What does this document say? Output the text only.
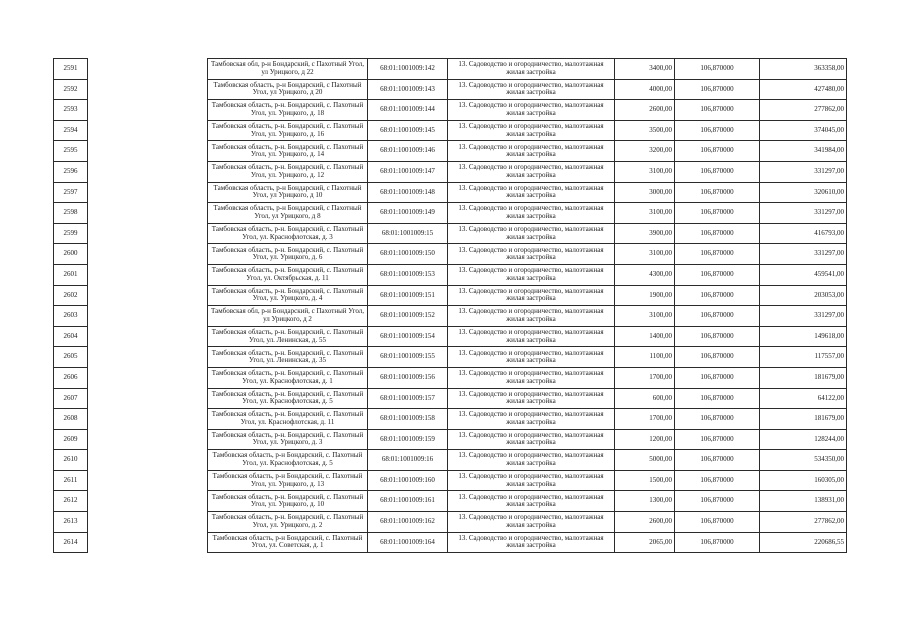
2591		Тамбовская обл, р-н Бондарский, с Пахотный Угол, ул Урицкого, д 22	68:01:1001009:142	13. Садоводство и огородничество, малоэтажная жилая застройка	3400,00	106,870000	363358,00
2592		Тамбовская область, р-н Бондарский, с Пахотный Угол, ул Урицкого, д 20	68:01:1001009:143	13. Садоводство и огородничество, малоэтажная жилая застройка	4000,00	106,870000	427480,00
2593		Тамбовская область, р-н. Бондарский, с. Пахотный Угол, ул. Урицкого, д. 18	68:01:1001009:144	13. Садоводство и огородничество, малоэтажная жилая застройка	2600,00	106,870000	277862,00
2594		Тамбовская область, р-н. Бондарский, с. Пахотный Угол, ул. Урицкого, д. 16	68:01:1001009:145	13. Садоводство и огородничество, малоэтажная жилая застройка	3500,00	106,870000	374045,00
2595		Тамбовская область, р-н. Бондарский, с. Пахотный Угол, ул. Урицкого, д. 14	68:01:1001009:146	13. Садоводство и огородничество, малоэтажная жилая застройка	3200,00	106,870000	341984,00
2596		Тамбовская область, р-н. Бондарский, с. Пахотный Угол, ул. Урицкого, д. 12	68:01:1001009:147	13. Садоводство и огородничество, малоэтажная жилая застройка	3100,00	106,870000	331297,00
2597		Тамбовская область, р-н Бондарский, с Пахотный Угол, ул Урицкого, д 10	68:01:1001009:148	13. Садоводство и огородничество, малоэтажная жилая застройка	3000,00	106,870000	320610,00
2598		Тамбовская область, р-н Бондарский, с Пахотный Угол, ул Урицкого, д 8	68:01:1001009:149	13. Садоводство и огородничество, малоэтажная жилая застройка	3100,00	106,870000	331297,00
2599		Тамбовская область, р-н. Бондарский, с. Пахотный Угол, ул. Краснофлотская, д. 3	68:01:1001009:15	13. Садоводство и огородничество, малоэтажная жилая застройка	3900,00	106,870000	416793,00
2600		Тамбовская область, р-н. Бондарский, с. Пахотный Угол, ул. Урицкого, д. 6	68:01:1001009:150	13. Садоводство и огородничество, малоэтажная жилая застройка	3100,00	106,870000	331297,00
2601		Тамбовская область, р-н. Бондарский, с. Пахотный Угол, ул. Октябрьская, д. 11	68:01:1001009:153	13. Садоводство и огородничество, малоэтажная жилая застройка	4300,00	106,870000	459541,00
2602		Тамбовская область, р-н. Бондарский, с. Пахотный Угол, ул. Урицкого, д. 4	68:01:1001009:151	13. Садоводство и огородничество, малоэтажная жилая застройка	1900,00	106,870000	203053,00
2603		Тамбовская обл, р-н Бондарский, с Пахотный Угол, ул Урицкого, д 2	68:01:1001009:152	13. Садоводство и огородничество, малоэтажная жилая застройка	3100,00	106,870000	331297,00
2604		Тамбовская область, р-н. Бондарский, с. Пахотный Угол, ул. Ленинская, д. 55	68:01:1001009:154	13. Садоводство и огородничество, малоэтажная жилая застройка	1400,00	106,870000	149618,00
2605		Тамбовская область, р-н. Бондарский, с. Пахотный Угол, ул. Ленинская, д. 35	68:01:1001009:155	13. Садоводство и огородничество, малоэтажная жилая застройка	1100,00	106,870000	117557,00
2606		Тамбовская область, р-н. Бондарский, с. Пахотный Угол, ул. Краснофлотская, д. 1	68:01:1001009:156	13. Садоводство и огородничество, малоэтажная жилая застройка	1700,00	106,870000	181679,00
2607		Тамбовская область, р-н. Бондарский, с. Пахотный Угол, ул. Краснофлотская, д. 5	68:01:1001009:157	13. Садоводство и огородничество, малоэтажная жилая застройка	600,00	106,870000	64122,00
2608		Тамбовская область, р-н. Бондарский, с. Пахотный Угол, ул. Краснофлотская, д. 11	68:01:1001009:158	13. Садоводство и огородничество, малоэтажная жилая застройка	1700,00	106,870000	181679,00
2609		Тамбовская область, р-н. Бондарский, с. Пахотный Угол, ул. Урицкого, д. 3	68:01:1001009:159	13. Садоводство и огородничество, малоэтажная жилая застройка	1200,00	106,870000	128244,00
2610		Тамбовская область, р-н Бондарский, с. Пахотный Угол, ул. Краснофлотская, д. 5	68:01:1001009:16	13. Садоводство и огородничество, малоэтажная жилая застройка	5000,00	106,870000	534350,00
2611		Тамбовская область, р-н Бондарский, с. Пахотный Угол, ул. Урицкого, д. 13	68:01:1001009:160	13. Садоводство и огородничество, малоэтажная жилая застройка	1500,00	106,870000	160305,00
2612		Тамбовская область, р-н. Бондарский, с. Пахотный Угол, ул. Урицкого, д. 10	68:01:1001009:161	13. Садоводство и огородничество, малоэтажная жилая застройка	1300,00	106,870000	138931,00
2613		Тамбовская область, р-н. Бондарский, с. Пахотный Угол, ул. Урицкого, д. 2	68:01:1001009:162	13. Садоводство и огородничество, малоэтажная жилая застройка	2600,00	106,870000	277862,00
2614		Тамбовская область, р-н Бондарский, с. Пахотный Угол, ул. Советская, д. 1	68:01:1001009:164	13. Садоводство и огородничество, малоэтажная жилая застройка	2065,00	106,870000	220686,55
